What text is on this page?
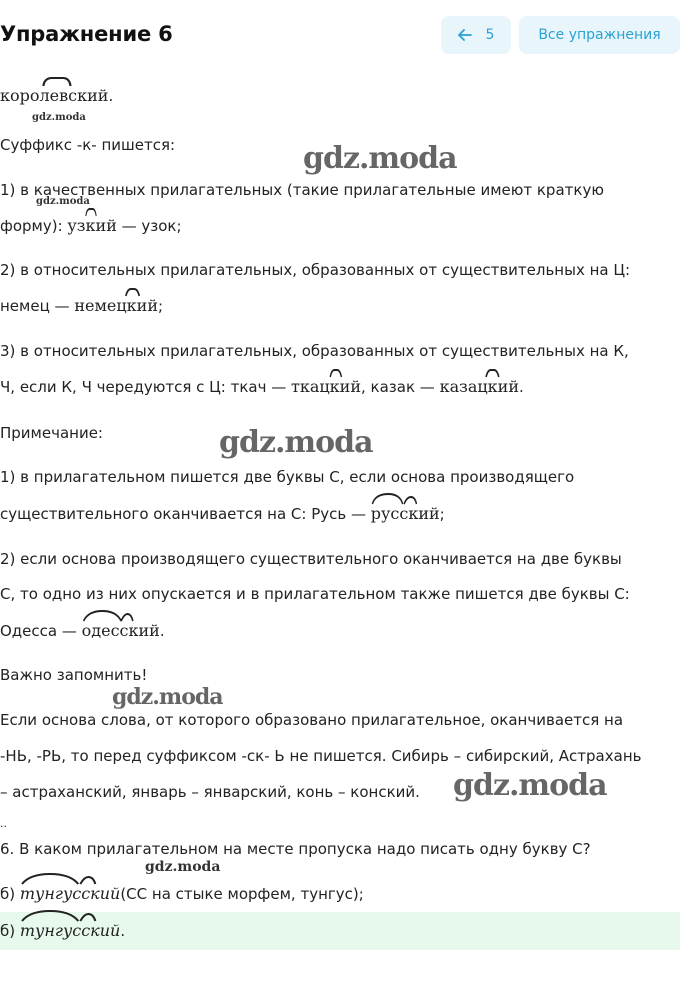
Упражнение 6	5	Все упражнения
королевский
.
gdz.moda
Суффикс -к- пишется:	gdz.moda
1) в качественных прилагательных (такие прилагательные имеют краткую
gdz.moda
форму): узкий
— узок;
2) в относительных прилагательных, образованных от существительных на Ц:
немец — немецкий
;
3) в относительных прилагательных, образованных от существительных на К,
Ч, если К, Ч чередуются с Ц: ткач — ткацкий
, казак — казацкий
.
Примечание:	gdz.moda
1) в прилагательном пишется две буквы С, если основа производящего
существительного оканчивается на С: Русь — русский
;
2) если основа производящего существительного оканчивается на две буквы
С, то одно из них опускается и в прилагательном также пишется две буквы С:
Одесса — одесский
.
Важно запомнить!
gdz.moda
Если основа слова, от которого образовано прилагательное, оканчивается на
-НЬ, -РЬ, то перед суффиксом -ск- Ь не пишется. Сибирь – сибирский, Астрахань
– астраханский, январь – январский, конь – конский. gdz.moda
..
6. В каком прилагательном на месте пропуска надо писать одну букву С?
gdz.moda
б) тунгусский
(СС на стыке морфем, тунгус);
б) тунгусский
.
